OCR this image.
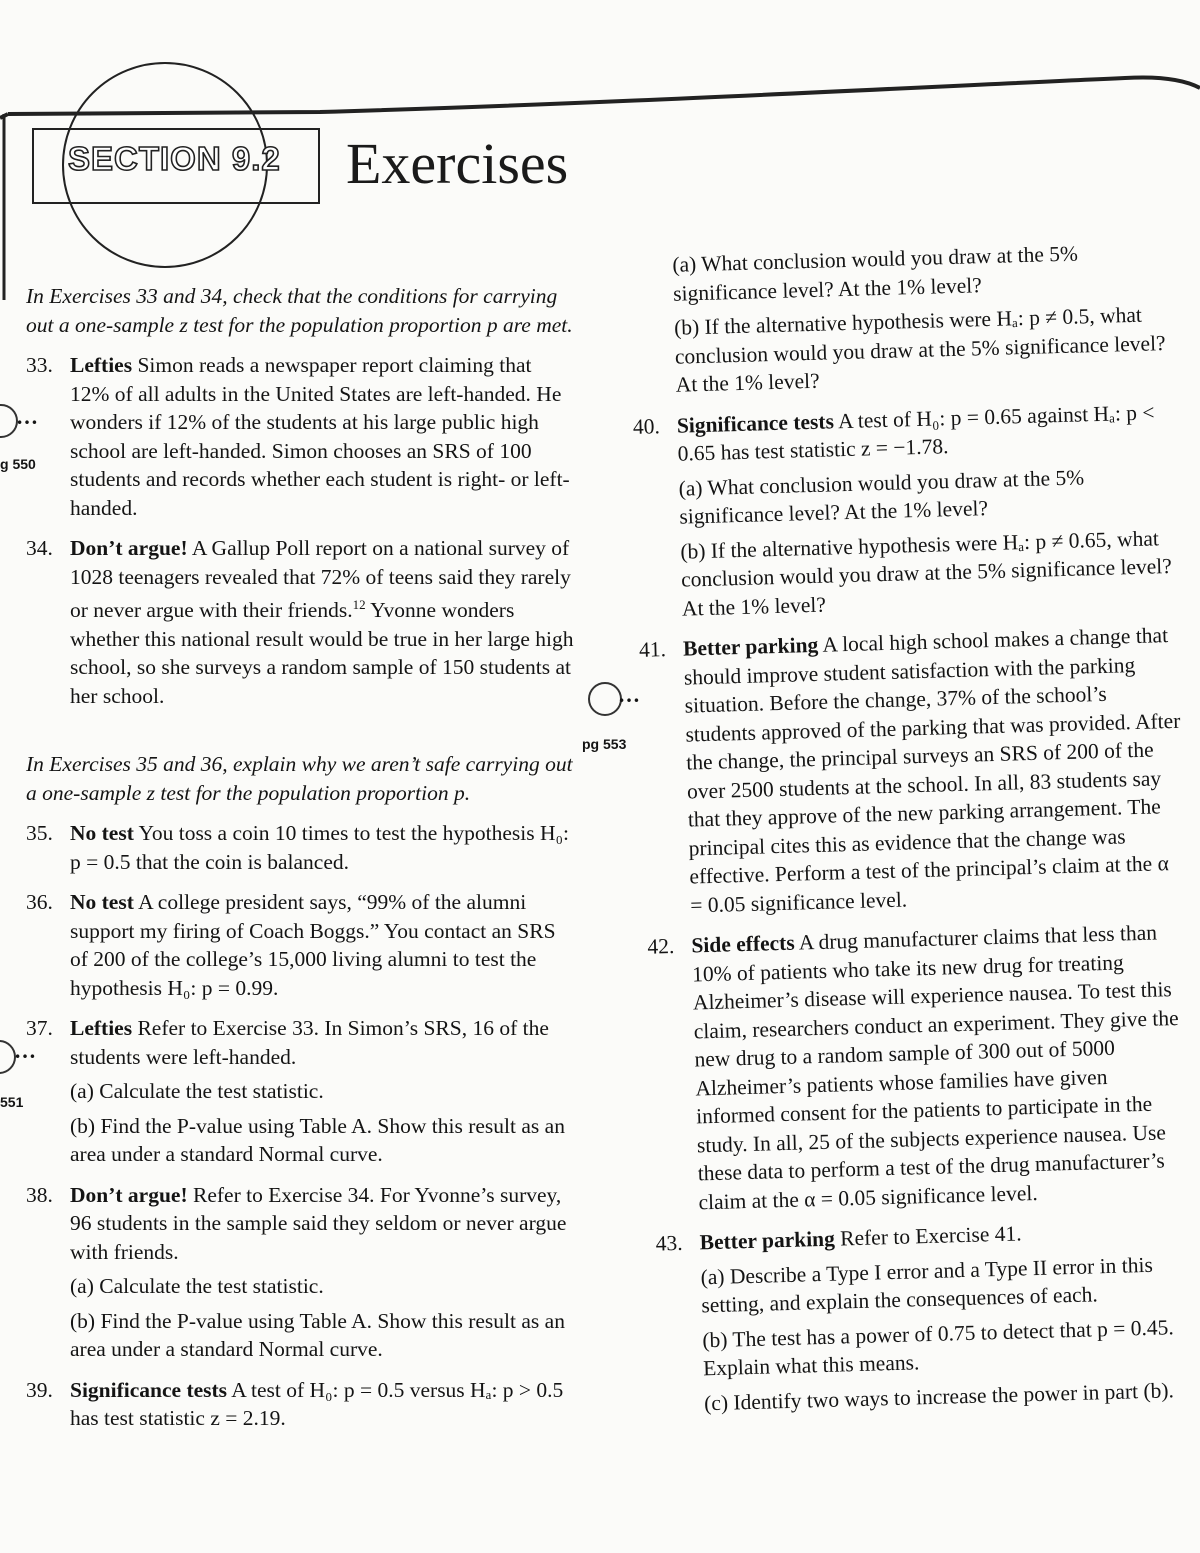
SECTION 9.2 Exercises
…
g 550
…
551
…
pg 553
In Exercises 33 and 34, check that the conditions for carrying out a one-sample z test for the population proportion p are met.
33. Lefties Simon reads a newspaper report claiming that 12% of all adults in the United States are left-handed. He wonders if 12% of the students at his large public high school are left-handed. Simon chooses an SRS of 100 students and records whether each student is right- or left-handed.
34. Don’t argue! A Gallup Poll report on a national survey of 1028 teenagers revealed that 72% of teens said they rarely or never argue with their friends.$^{12}$ Yvonne wonders whether this national result would be true in her large high school, so she surveys a random sample of 150 students at her school.
In Exercises 35 and 36, explain why we aren’t safe carrying out a one-sample z test for the population proportion p.
35. No test You toss a coin 10 times to test the hypothesis H₀: p = 0.5 that the coin is balanced.
36. No test A college president says, “99% of the alumni support my firing of Coach Boggs.” You contact an SRS of 200 of the college’s 15,000 living alumni to test the hypothesis H₀: p = 0.99.
37. Lefties Refer to Exercise 33. In Simon’s SRS, 16 of the students were left-handed.
(a) Calculate the test statistic.
(b) Find the P-value using Table A. Show this result as an area under a standard Normal curve.
38. Don’t argue! Refer to Exercise 34. For Yvonne’s survey, 96 students in the sample said they seldom or never argue with friends.
(a) Calculate the test statistic.
(b) Find the P-value using Table A. Show this result as an area under a standard Normal curve.
39. Significance tests A test of H₀: p = 0.5 versus Hₐ: p > 0.5 has test statistic z = 2.19.
(a) What conclusion would you draw at the 5% significance level? At the 1% level?
(b) If the alternative hypothesis were Hₐ: p ≠ 0.5, what conclusion would you draw at the 5% significance level? At the 1% level?
40. Significance tests A test of H₀: p = 0.65 against Hₐ: p < 0.65 has test statistic z = −1.78.
(a) What conclusion would you draw at the 5% significance level? At the 1% level?
(b) If the alternative hypothesis were Hₐ: p ≠ 0.65, what conclusion would you draw at the 5% significance level? At the 1% level?
41. Better parking A local high school makes a change that should improve student satisfaction with the parking situation. Before the change, 37% of the school’s students approved of the parking that was provided. After the change, the principal surveys an SRS of 200 of the over 2500 students at the school. In all, 83 students say that they approve of the new parking arrangement. The principal cites this as evidence that the change was effective. Perform a test of the principal’s claim at the α = 0.05 significance level.
42. Side effects A drug manufacturer claims that less than 10% of patients who take its new drug for treating Alzheimer’s disease will experience nausea. To test this claim, researchers conduct an experiment. They give the new drug to a random sample of 300 out of 5000 Alzheimer’s patients whose families have given informed consent for the patients to participate in the study. In all, 25 of the subjects experience nausea. Use these data to perform a test of the drug manufacturer’s claim at the α = 0.05 significance level.
43. Better parking Refer to Exercise 41.
(a) Describe a Type I error and a Type II error in this setting, and explain the consequences of each.
(b) The test has a power of 0.75 to detect that p = 0.45. Explain what this means.
(c) Identify two ways to increase the power in part (b).
